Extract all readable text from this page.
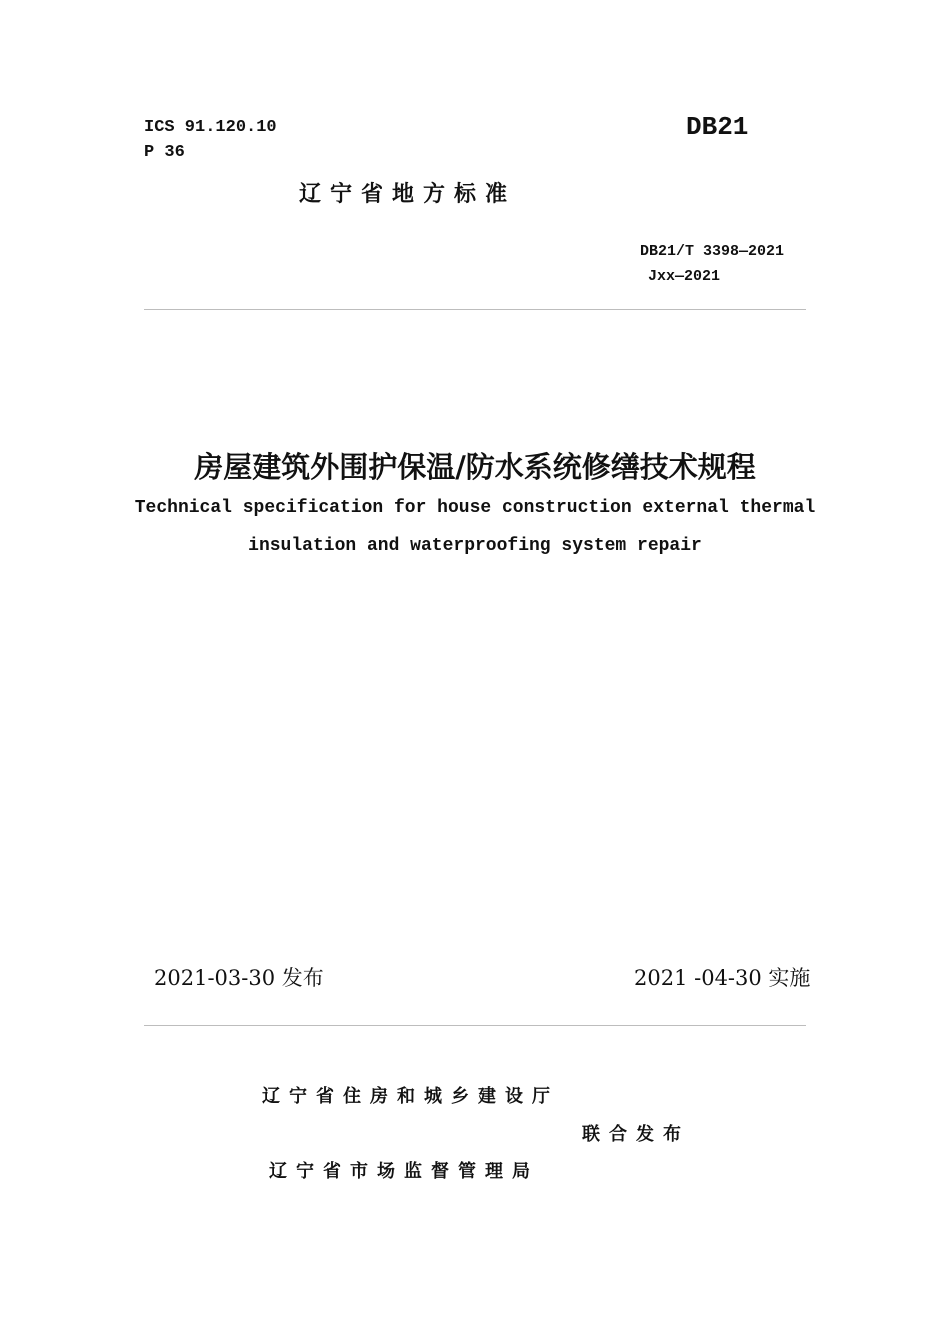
ICS 91.120.10
P 36
DB21
辽宁省地方标准
DB21/T 3398—2021
Jxx—2021
房屋建筑外围护保温/防水系统修缮技术规程
Technical specification for house construction external thermal
insulation and waterproofing system repair
2021-03-30 发布	2021 -04-30 实施
辽宁省住房和城乡建设厅
联合发布
辽宁省市场监督管理局
